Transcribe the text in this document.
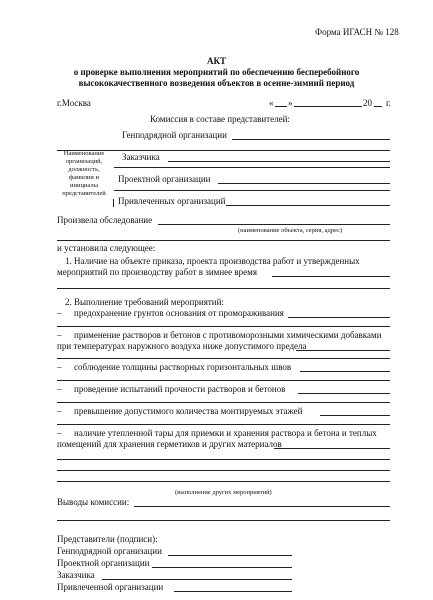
Форма ИГАСН № 128
АКТ
о проверке выполнения мероприятий по обеспечению бесперебойного
высококачественного возведения объектов в осенне-зимний период
г.Москва	« »	20 г.
Комиссия в составе представителей:
Наименование
организаций,
должность,
фамилии и
инициалы
представителей
Генподрядной организации
Заказчика
Проектной организации
Привлеченных организаций
Произвела обследование
(наименование объекта, серия, адрес)
и установила следующее:
1. Наличие на объекте приказа, проекта производства работ и утвержденных
мероприятий по производству работ в зимнее время
2. Выполнение требований мероприятий:
– предохранение грунтов основания от промораживания
– применение растворов и бетонов с противоморозными химическими добавками
при температурах наружного воздуха ниже допустимого предела
– соблюдение толщины растворных горизонтальных швов
– проведение испытаний прочности растворов и бетонов
– превышение допустимого количества монтируемых этажей
– наличие утепленной тары для приемки и хранения раствора и бетона и теплых
помещений для хранения герметиков и других материалов
(выполнение других мероприятий)
Выводы комиссии:
Представители (подписи):
Генподрядной организации
Проектной организации
Заказчика
Привлеченной организации
